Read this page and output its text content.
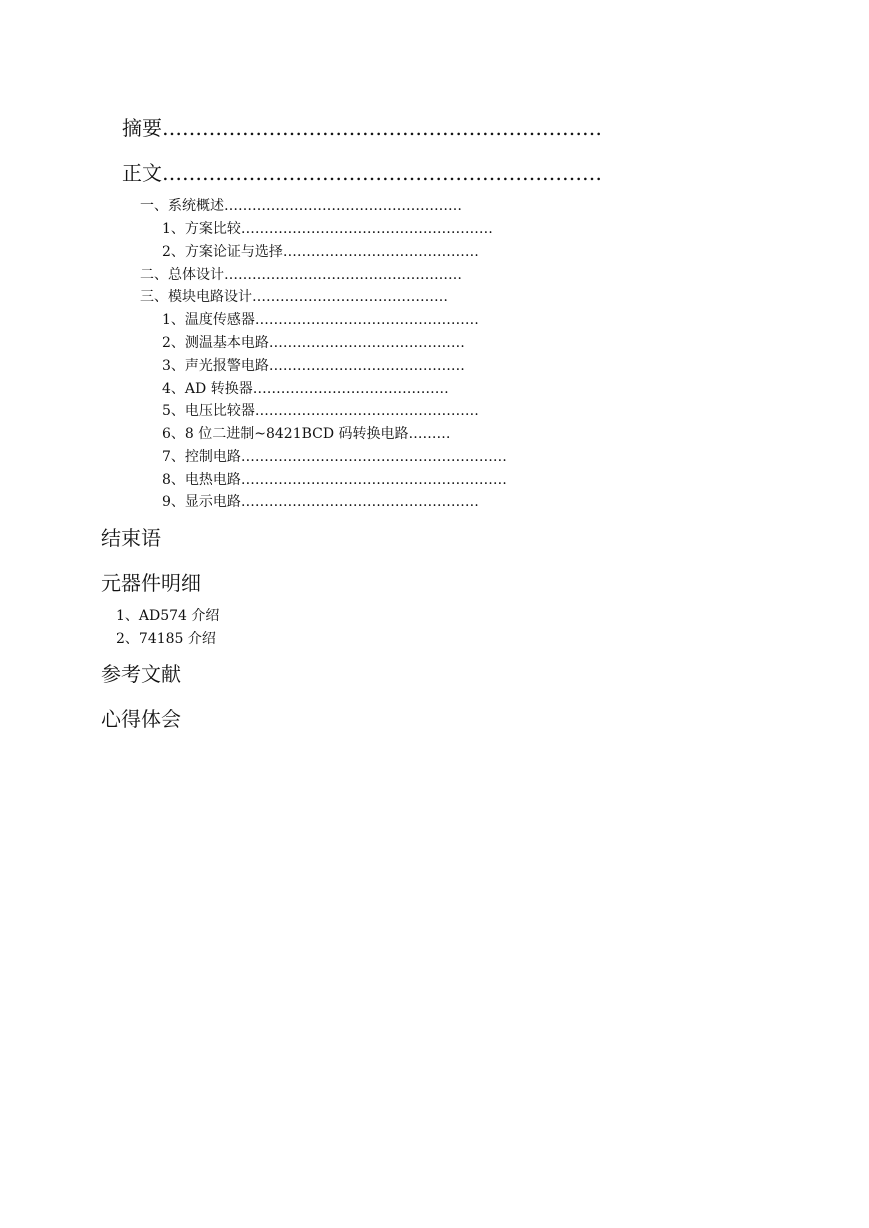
摘要…………………………………………………………
正文…………………………………………………………
一、系统概述……………………………………………
1、方案比较………………………………………………
2、方案论证与选择……………………………………
二、总体设计……………………………………………
三、模块电路设计……………………………………
1、温度传感器…………………………………………
2、测温基本电路……………………………………
3、声光报警电路……………………………………
4、AD 转换器……………………………………
5、电压比较器…………………………………………
6、8 位二进制~8421BCD 码转换电路………
7、控制电路…………………………………………………
8、电热电路…………………………………………………
9、显示电路……………………………………………
结束语
元器件明细
1、AD574 介绍
2、74185 介绍
参考文献
心得体会
